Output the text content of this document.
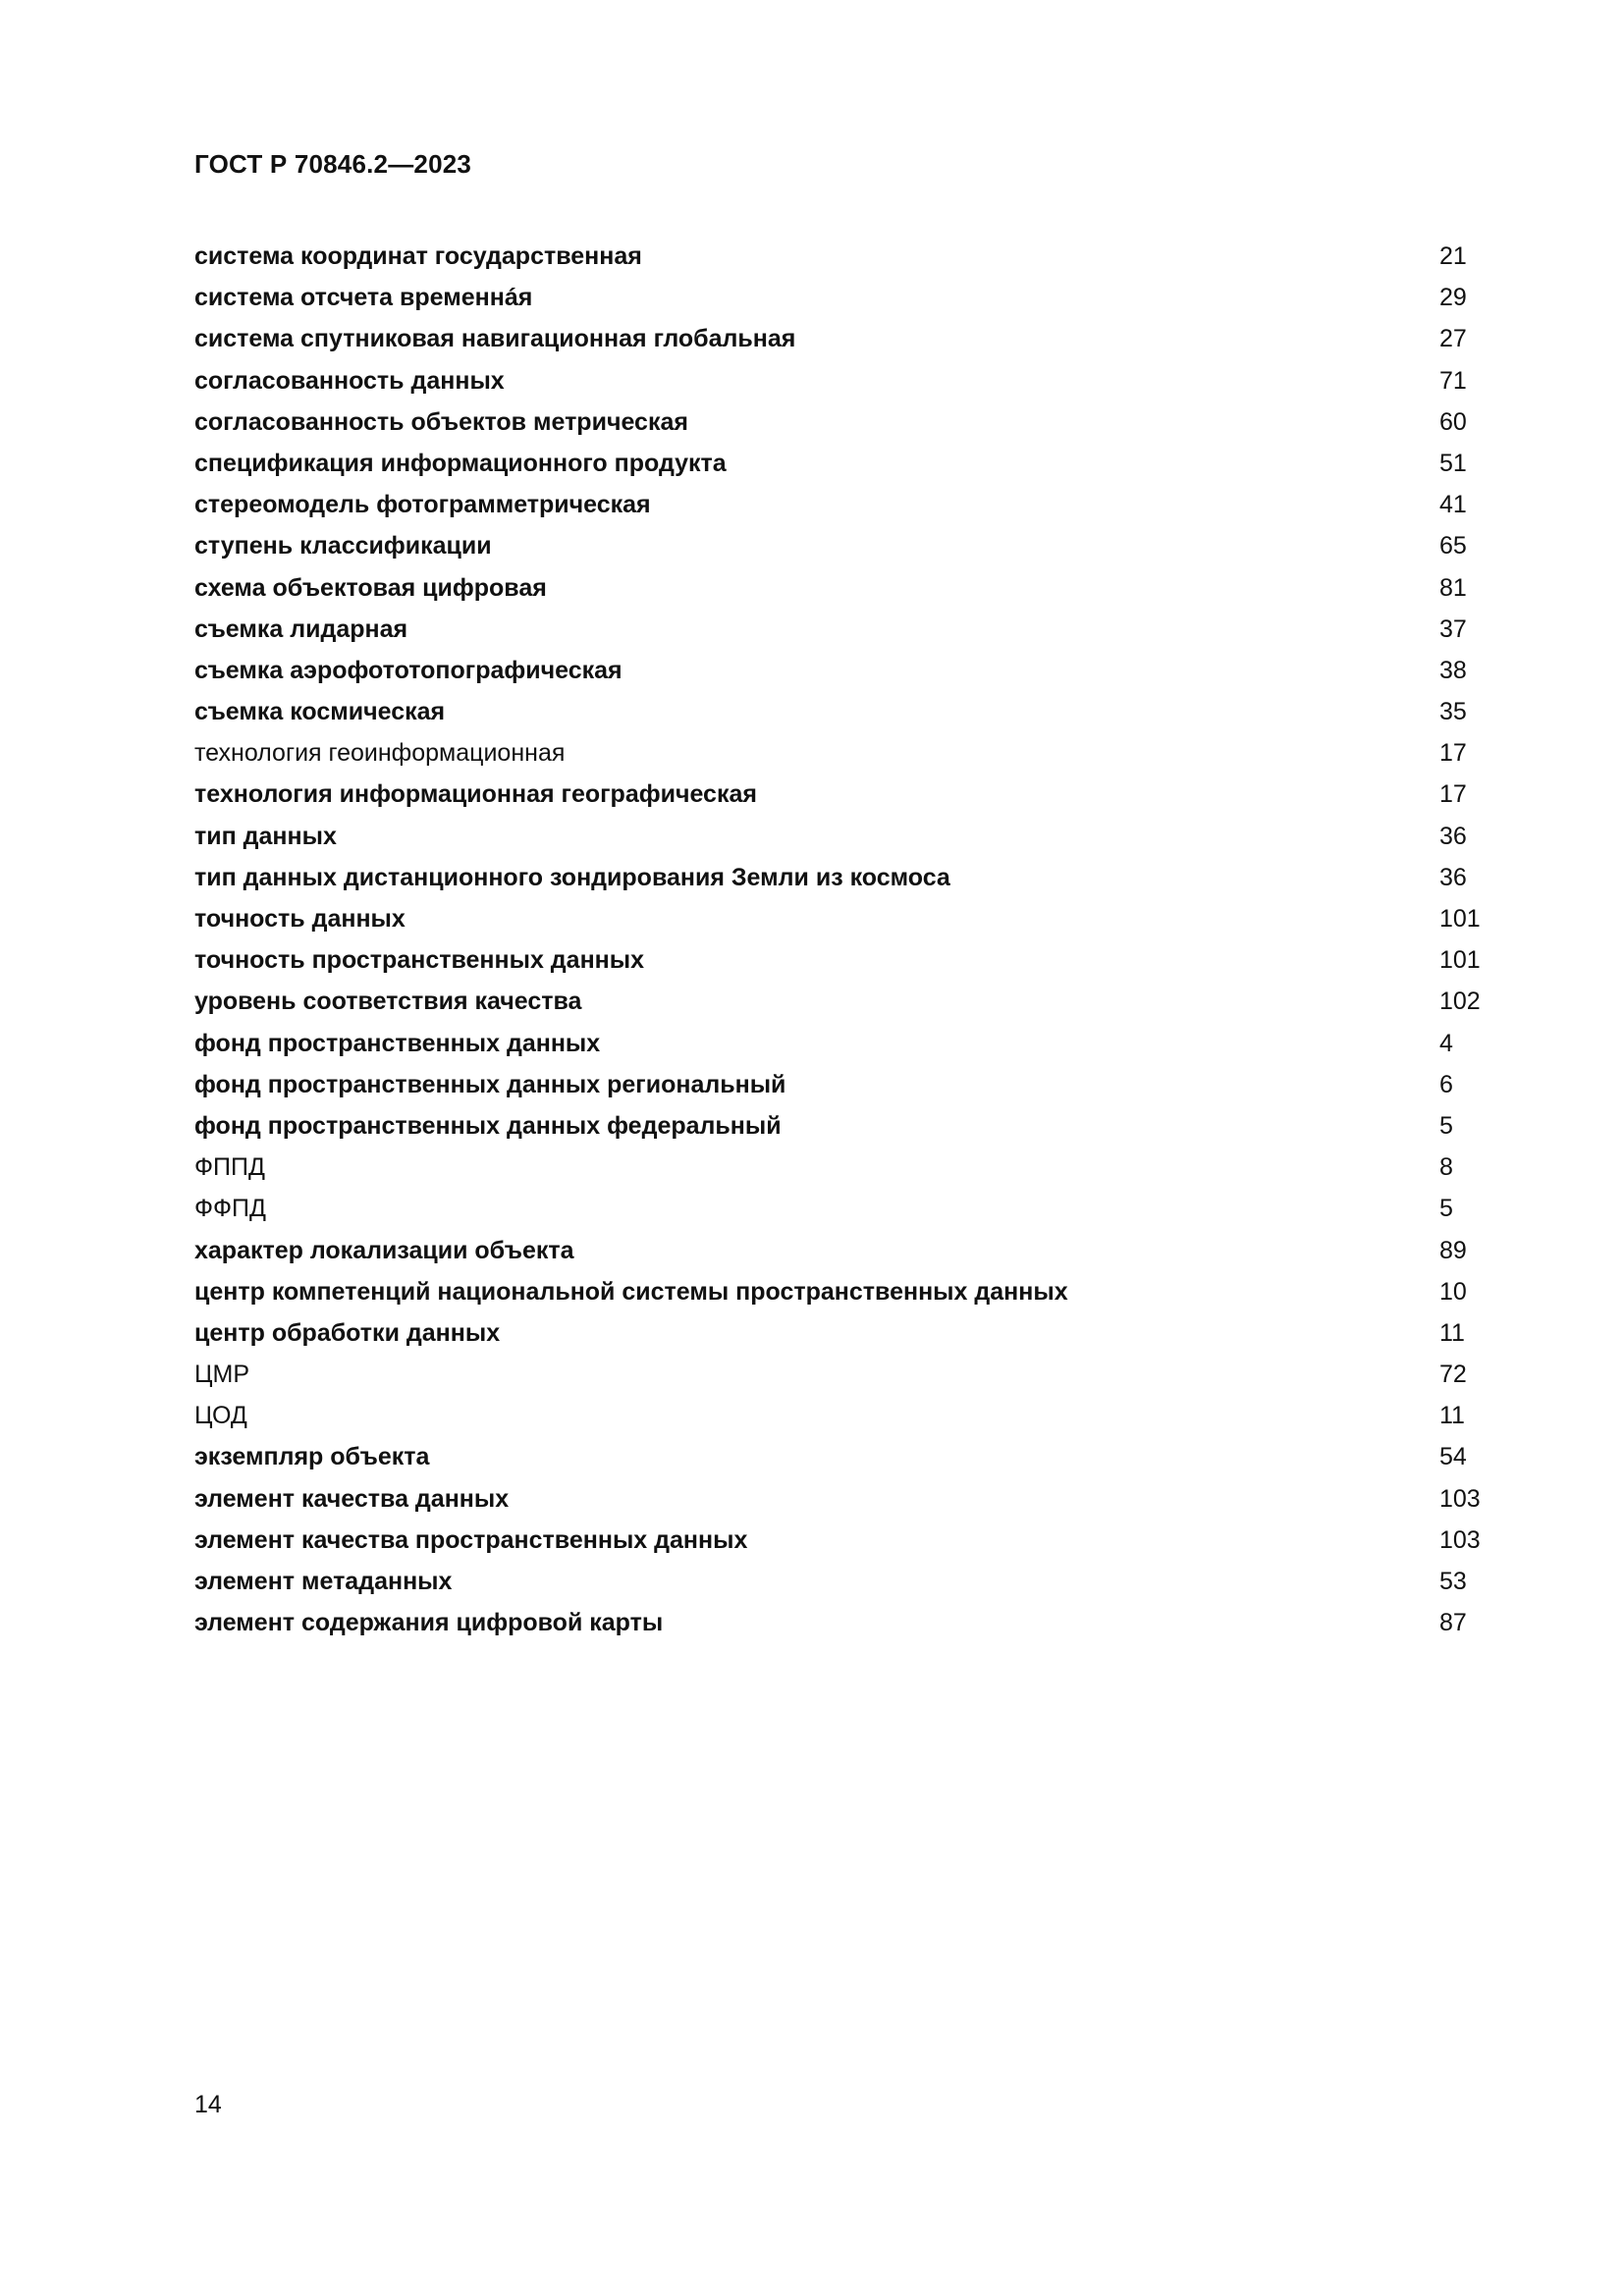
ГОСТ Р 70846.2—2023
система координат государственная	21
система отсчета временнáя	29
система спутниковая навигационная глобальная	27
согласованность данных	71
согласованность объектов метрическая	60
спецификация информационного продукта	51
стереомодель фотограмметрическая	41
ступень классификации	65
схема объектовая цифровая	81
съемка лидарная	37
съемка аэрофототопографическая	38
съемка космическая	35
технология геоинформационная	17
технология информационная географическая	17
тип данных	36
тип данных дистанционного зондирования Земли из космоса	36
точность данных	101
точность пространственных данных	101
уровень соответствия качества	102
фонд пространственных данных	4
фонд пространственных данных региональный	6
фонд пространственных данных федеральный	5
ФППД	8
ФФПД	5
характер локализации объекта	89
центр компетенций национальной системы пространственных данных	10
центр обработки данных	11
ЦМР	72
ЦОД	11
экземпляр объекта	54
элемент качества данных	103
элемент качества пространственных данных	103
элемент метаданных	53
элемент содержания цифровой карты	87
14
